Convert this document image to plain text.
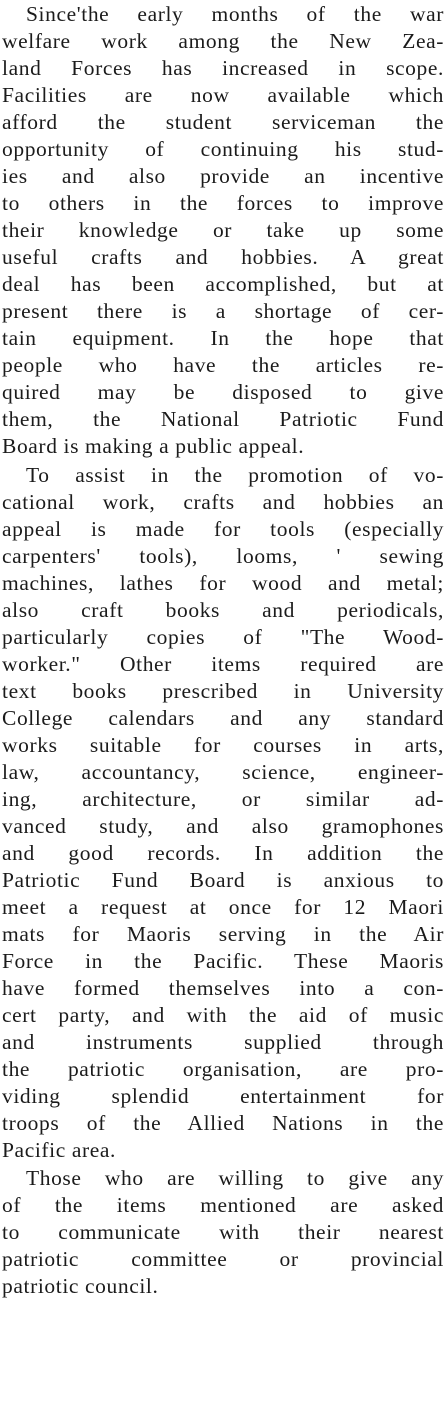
Since'the early months of the war
welfare work among the New Zea-
land Forces has increased in scope.
Facilities are now available which
afford the student serviceman the
opportunity of continuing his stud-
ies and also provide an incentive
to others in the forces to improve
their knowledge or take up some
useful crafts and hobbies. A great
deal has been accomplished, but at
present there is a shortage of cer-
tain equipment. In the hope that
people who have the articles re-
quired may be disposed to give
them, the National Patriotic Fund
Board is making a public appeal.
To assist in the promotion of vo-
cational work, crafts and hobbies an
appeal is made for tools (especially
carpenters' tools), looms, ' sewing
machines, lathes for wood and metal;
also craft books and periodicals,
particularly copies of "The Wood-
worker." Other items required are
text books prescribed in University
College calendars and any standard
works suitable for courses in arts,
law, accountancy, science, engineer-
ing, architecture, or similar ad-
vanced study, and also gramophones
and good records. In addition the
Patriotic Fund Board is anxious to
meet a request at once for 12 Maori
mats for Maoris serving in the Air
Force in the Pacific. These Maoris
have formed themselves into a con-
cert party, and with the aid of music
and instruments supplied through
the patriotic organisation, are pro-
viding splendid entertainment for
troops of the Allied Nations in the
Pacific area.
Those who are willing to give any
of the items mentioned are asked
to communicate with their nearest
patriotic committee or provincial
patriotic council.
